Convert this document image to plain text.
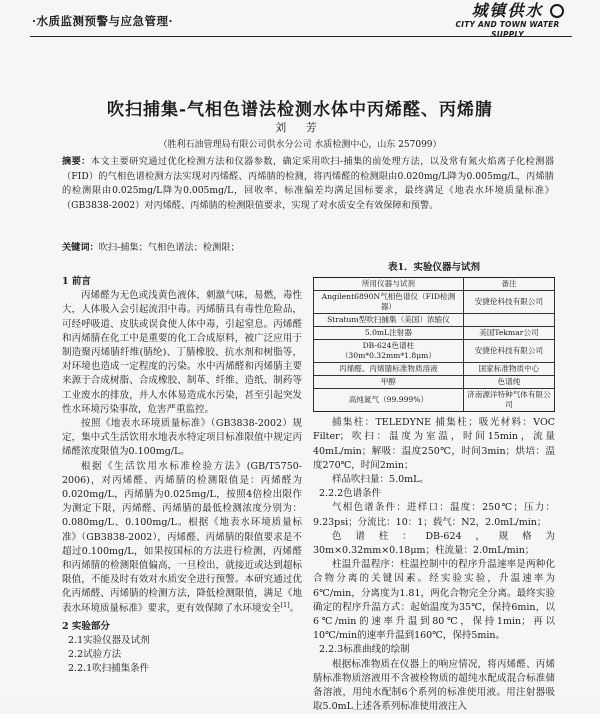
·水质监测预警与应急管理·
城镇供水
CITY AND TOWN WATER SUPPLY
吹扫捕集-气相色谱法检测水体中丙烯醛、丙烯腈
刘 芳
（胜利石油管理局有限公司供水分公司 水质检测中心，山东 257099）
摘要：本文主要研究通过优化检测方法和仪器参数，确定采用吹扫-捕集的前处理方法，以及常有氮火焰离子化检测器（FID）的气相色谱检测方法实现对丙烯醛、丙烯腈的检测，将丙烯醛的检测限由0.020mg/L降为0.005mg/L，丙烯腈的检测限由0.025mg/L降为0.005mg/L，回收率、标准偏差均满足国标要求，最终满足《地表水环境质量标准》（GB3838-2002）对丙烯醛、丙烯腈的检测限值要求，实现了对水质安全有效保障和预警。
关键词：吹扫-捕集；气相色谱法；检测限；

1 前言

丙烯醛为无色或浅黄色液体，刺激气味，易燃，毒性大，人体吸入会引起流泪中毒。丙烯腈具有毒性危险品，可经呼吸道、皮肤或误食使人体中毒，引起窒息。丙烯醛和丙烯腈在化工中是重要的化工合成原料，被广泛应用于制造聚丙烯腈纤维(腈纶)、丁腈橡胶、抗水剂和树脂等，对环境也造成一定程度的污染。水中丙烯醛和丙烯腈主要来源于合成树脂、合成橡胶、制革、纤维、造纸、制药等工业废水的排放，并人水体易造成水污染，甚至引起突发性水环境污染事故，危害严重监控。

按照《地表水环境质量标准》（GB3838-2002）规定，集中式生活饮用水地表水特定项目标准限值中规定丙烯醛浓度限值为0.100mg/L。

根据《生活饮用水标准检验方法》(GB/T5750-2006)，对丙烯醛、丙烯腈的检测限值是：丙烯醛为0.020mg/L，丙烯腈为0.025mg/L，按照4倍检出限作为测定下限，丙烯醛、丙烯腈的最低检测浓度分别为：0.080mg/L、0.100mg/L。根据《地表水环境质量标准》（GB3838-2002），丙烯醛、丙烯腈的限值要求是不超过0.100mg/L，如果按国标的方法进行检测，丙烯醛和丙烯腈的检测限值偏高，一旦检出，就接近或达到超标限值，不能及时有效对水质安全进行预警。本研究通过优化丙烯醛、丙烯腈的检测方法，降低检测限值，满足《地表水环境质量标准》要求，更有效保障了水环境安全[1]。

2 实验部分

2.1实验仪器及试剂

2.2试验方法

2.2.1吹扫捕集条件

表1．实验仪器与试剂
所用仪器与试剂	备注
Angilent6890N气相色谱仪（FID检测器）	安捷伦科技有限公司
Stratum型吹扫捕集（美国）浓缩仪	
5.0mL注射器	美国Tekmar公司
DB-624色谱柱（30m*0.32mm*1.8μm）	安捷伦科技有限公司
丙烯醛、丙烯腈标准物质溶液	国家标准物质中心
甲醇	色谱纯
高纯氮气（99.999%）	济南源洋特种气体有限公司

捕集柱：TELEDYNE 捕集柱；吸光材料：VOC Filter；吹扫：温度为室温，时间15min，流量40mL/min；解吸：温度250℃，时间3min；烘培：温度270℃，时间2min；

样品吹扫量：5.0mL。

2.2.2色谱条件

气相色谱条件：进样口：温度：250℃；压力：9.23psi；分流比：10：1；载气：N2，2.0mL/min；

色谱柱：DB-624，规格为30m×0.32mm×0.18μm；柱流量：2.0mL/min；

柱温升温程序：柱温控制中的程序升温速率是两种化合物分离的关键因素。经实验实验，升温速率为6℃/min，分离度为1.81，两化合物完全分离。最终实验确定的程序升温方式：起始温度为35℃，保持6min，以6℃/min的速率升温到80℃，保持1min；再以10℃/min的速率升温到160℃，保持5min。

2.2.3标准曲线的绘制

根据标准物质在仪器上的响应情况，将丙烯醛、丙烯腈标准物质溶液用不含被检物质的超纯水配成混合标准储备溶液，用纯水配制6个系列的标准使用液。用注射器吸取5.0mL上述各系列标准使用液注入
